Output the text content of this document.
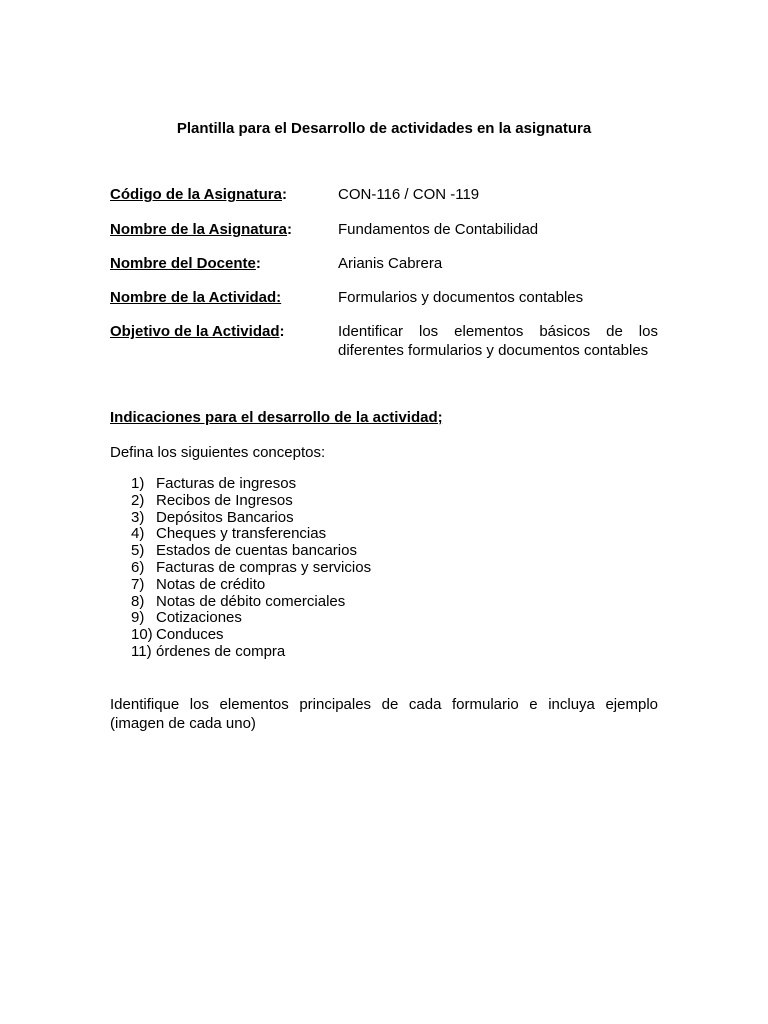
Plantilla para el Desarrollo de actividades en la asignatura
Código de la Asignatura:	CON-116 / CON -119
Nombre de la Asignatura:	Fundamentos de Contabilidad
Nombre del Docente:	Arianis Cabrera
Nombre de la Actividad:	Formularios y documentos contables
Objetivo de la Actividad:	Identificar los elementos básicos de los diferentes formularios y documentos contables
Indicaciones para el desarrollo de la actividad;
Defina los siguientes conceptos:
1) Facturas de ingresos
2) Recibos de Ingresos
3) Depósitos Bancarios
4) Cheques y transferencias
5) Estados de cuentas bancarios
6) Facturas de compras y servicios
7) Notas de crédito
8) Notas de débito comerciales
9) Cotizaciones
10) Conduces
11) órdenes de compra
Identifique los elementos principales de cada formulario e incluya ejemplo (imagen de cada uno)
